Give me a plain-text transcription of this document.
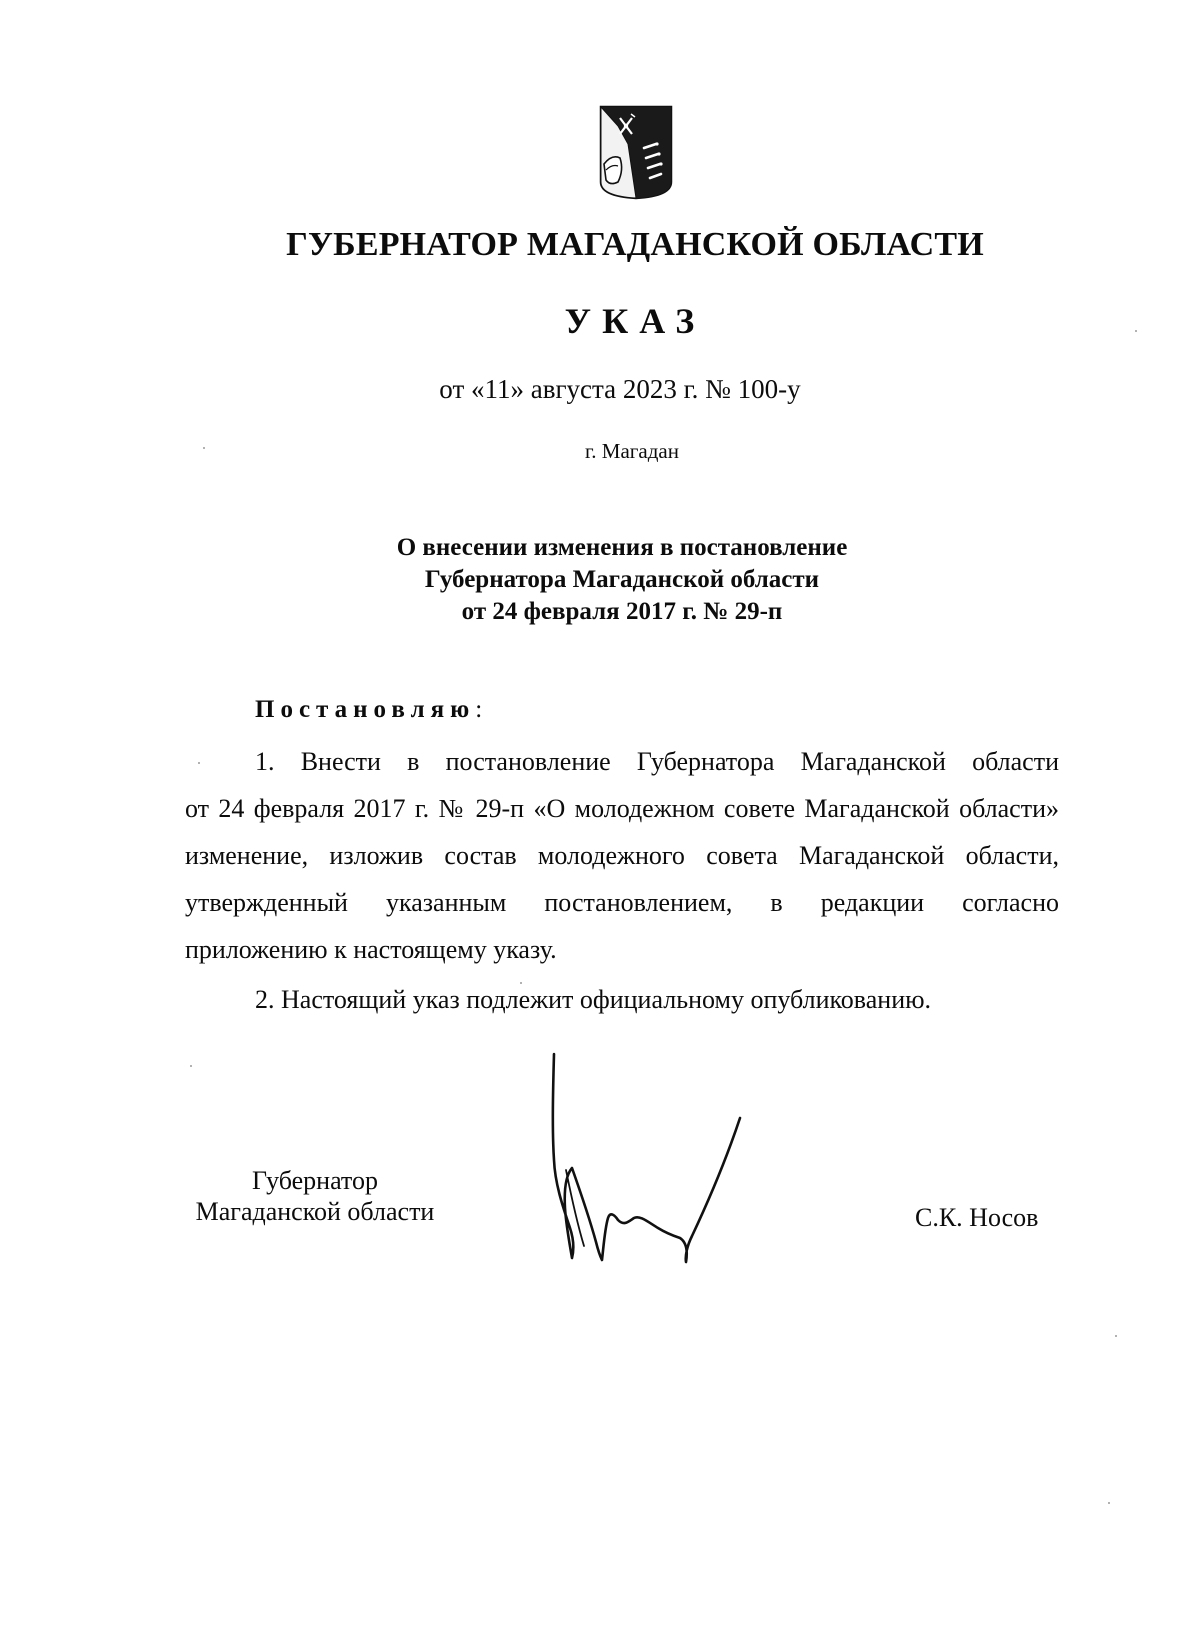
ГУБЕРНАТОР МАГАДАНСКОЙ ОБЛАСТИ
УКАЗ
от «11» августа 2023 г. № 100-у
г. Магадан
О внесении изменения в постановление
Губернатора Магаданской области
от 24 февраля 2017 г. № 29-п
Постановляю:
1. Внести в постановление Губернатора Магаданской области
от 24 февраля 2017 г. № 29-п «О молодежном совете Магаданской области»
изменение, изложив состав молодежного совета Магаданской области,
утвержденный указанным постановлением, в редакции согласно
приложению к настоящему указу.
2. Настоящий указ подлежит официальному опубликованию.
Губернатор
Магаданской области	С.К. Носов
